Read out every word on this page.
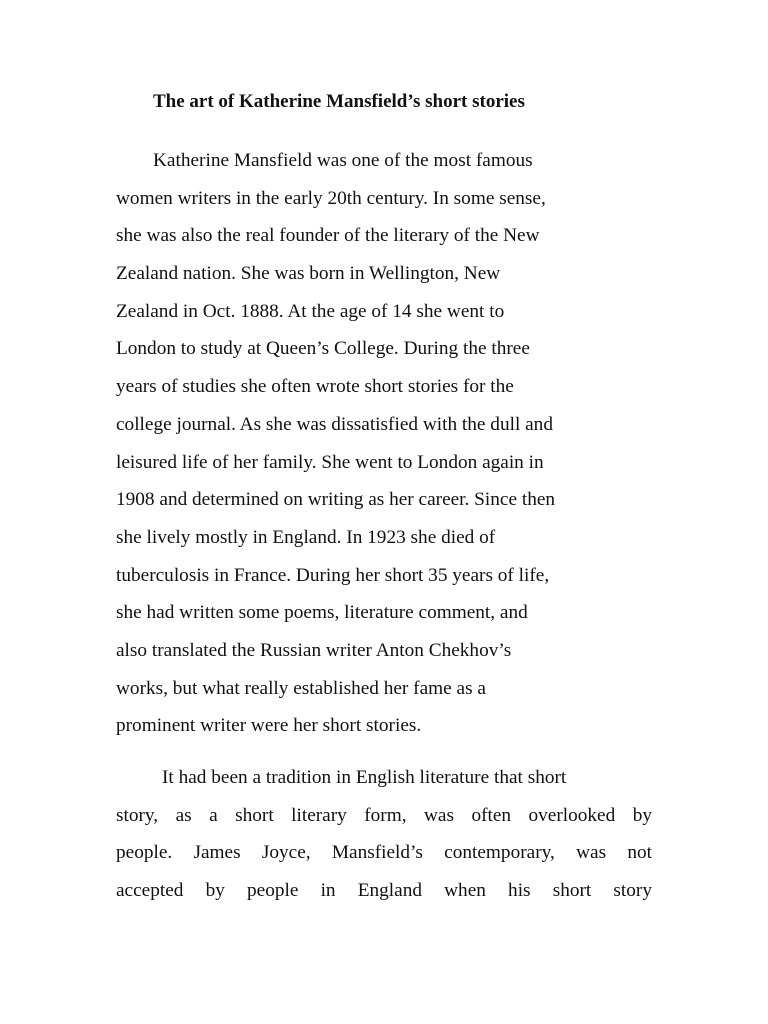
The art of Katherine Mansfield’s short stories
Katherine Mansfield was one of the most famous
women writers in the early 20th century. In some sense,
she was also the real founder of the literary of the New
Zealand nation. She was born in Wellington, New
Zealand in Oct. 1888. At the age of 14 she went to
London to study at Queen’s College. During the three
years of studies she often wrote short stories for the
college journal. As she was dissatisfied with the dull and
leisured life of her family. She went to London again in
1908 and determined on writing as her career. Since then
she lively mostly in England. In 1923 she died of
tuberculosis in France. During her short 35 years of life,
she had written some poems, literature comment, and
also translated the Russian writer Anton Chekhov’s
works, but what really established her fame as a
prominent writer were her short stories.
It had been a tradition in English literature that short
story, as a short literary form, was often overlooked by
people. James Joyce, Mansfield’s contemporary, was not
accepted by people in England when his short story
